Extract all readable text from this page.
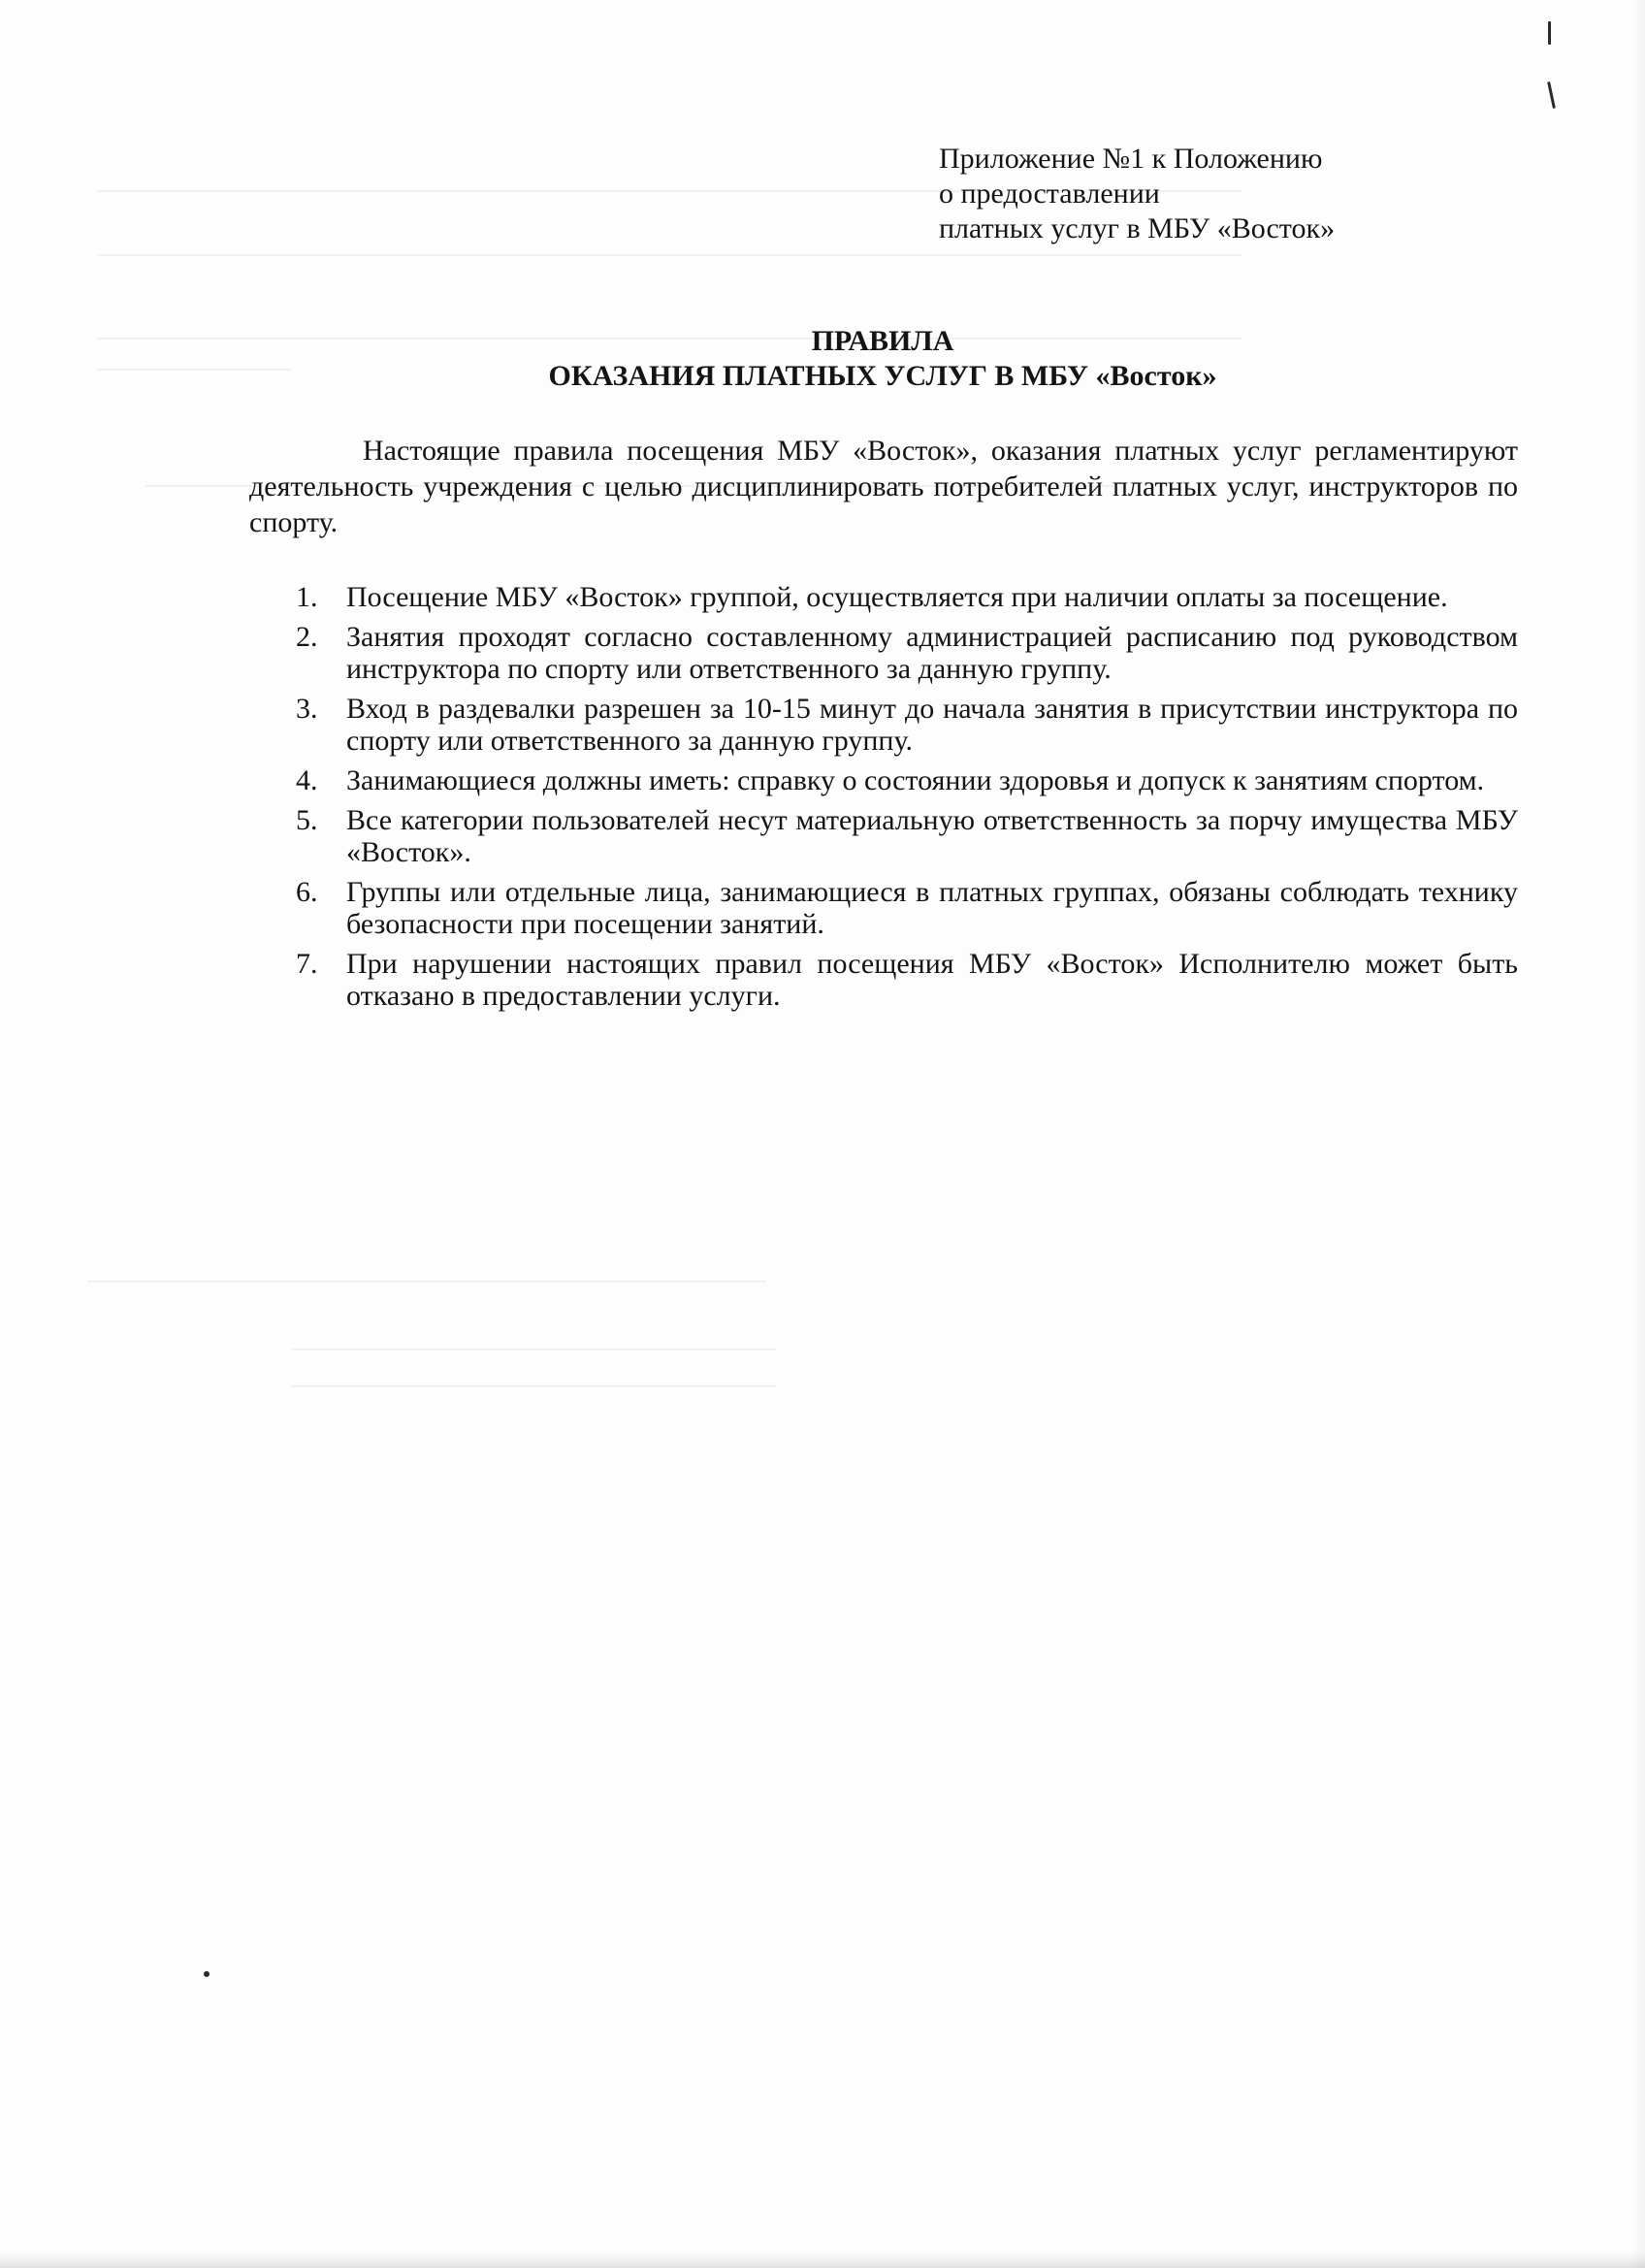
Приложение №1 к Положению
о предоставлении
платных услуг в МБУ «Восток»
ПРАВИЛА
ОКАЗАНИЯ ПЛАТНЫХ УСЛУГ В МБУ «Восток»

Настоящие правила посещения МБУ «Восток», оказания платных услуг регламентируют деятельность учреждения с целью дисциплинировать потребителей платных услуг, инструкторов по спорту.

1. Посещение МБУ «Восток» группой, осуществляется при наличии оплаты за посещение.
2. Занятия проходят согласно составленному администрацией расписанию под руководством инструктора по спорту или ответственного за данную группу.
3. Вход в раздевалки разрешен за 10-15 минут до начала занятия в присутствии инструктора по спорту или ответственного за данную группу.
4. Занимающиеся должны иметь: справку о состоянии здоровья и допуск к занятиям спортом.
5. Все категории пользователей несут материальную ответственность за порчу имущества МБУ «Восток».
6. Группы или отдельные лица, занимающиеся в платных группах, обязаны соблюдать технику безопасности при посещении занятий.
7. При нарушении настоящих правил посещения МБУ «Восток» Исполнителю может быть отказано в предоставлении услуги.
